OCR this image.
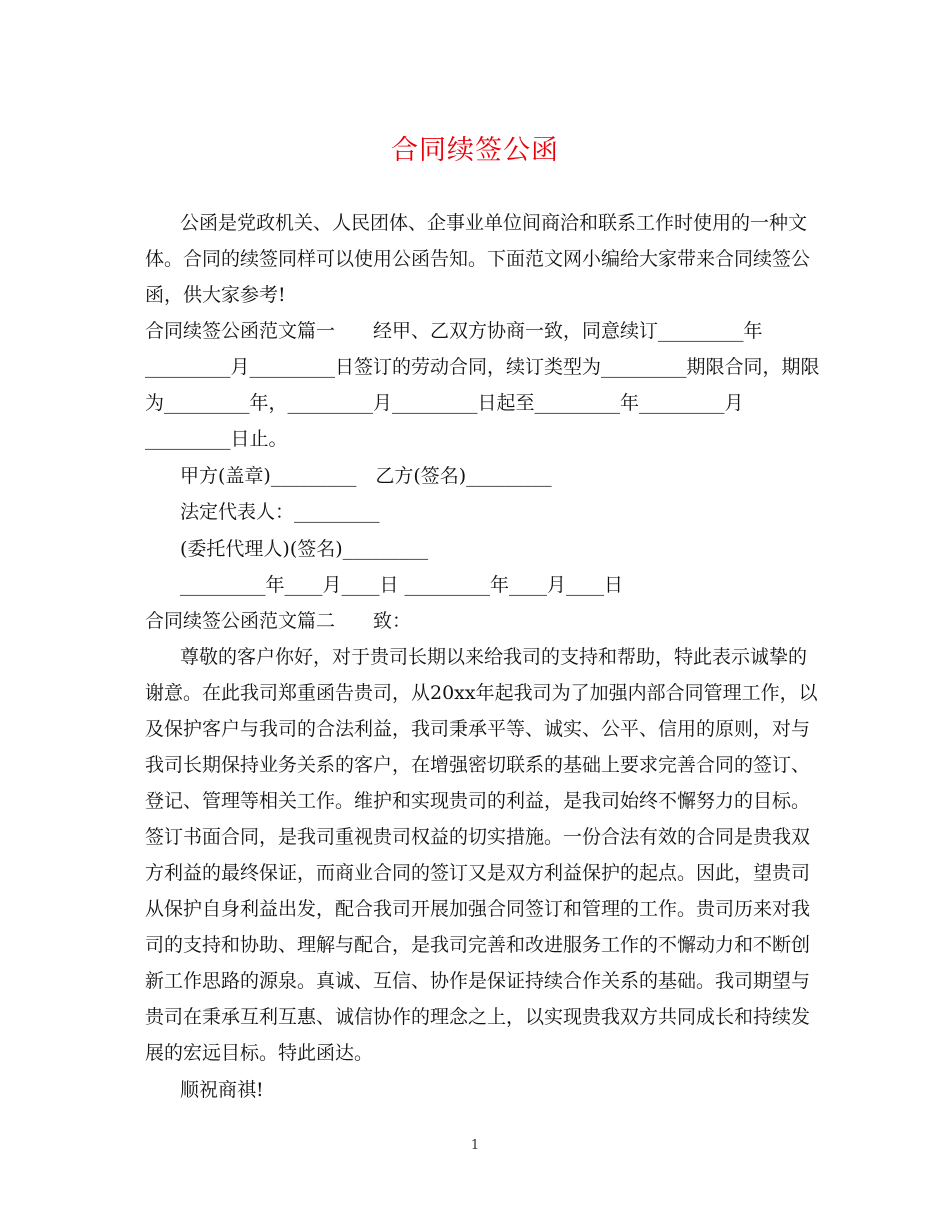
合同续签公函
公函是党政机关、人民团体、企事业单位间商洽和联系工作时使用的一种文
体。合同的续签同样可以使用公函告知。下面范文网小编给大家带来合同续签公
函，供大家参考!
合同续签公函范文篇一　　经甲、乙双方协商一致，同意续订_________年
_________月_________日签订的劳动合同，续订类型为_________期限合同，期限
为_________年，_________月_________日起至_________年_________月
_________日止。
甲方(盖章)_________　乙方(签名)_________
法定代表人：_________
(委托代理人)(签名)_________
_________年____月____日 _________年____月____日
合同续签公函范文篇二　　致：
尊敬的客户你好，对于贵司长期以来给我司的支持和帮助，特此表示诚挚的
谢意。在此我司郑重函告贵司，从20xx年起我司为了加强内部合同管理工作，以
及保护客户与我司的合法利益，我司秉承平等、诚实、公平、信用的原则，对与
我司长期保持业务关系的客户，在增强密切联系的基础上要求完善合同的签订、
登记、管理等相关工作。维护和实现贵司的利益，是我司始终不懈努力的目标。
签订书面合同，是我司重视贵司权益的切实措施。一份合法有效的合同是贵我双
方利益的最终保证，而商业合同的签订又是双方利益保护的起点。因此，望贵司
从保护自身利益出发，配合我司开展加强合同签订和管理的工作。贵司历来对我
司的支持和协助、理解与配合，是我司完善和改进服务工作的不懈动力和不断创
新工作思路的源泉。真诚、互信、协作是保证持续合作关系的基础。我司期望与
贵司在秉承互利互惠、诚信协作的理念之上，以实现贵我双方共同成长和持续发
展的宏远目标。特此函达。
顺祝商祺!
1
